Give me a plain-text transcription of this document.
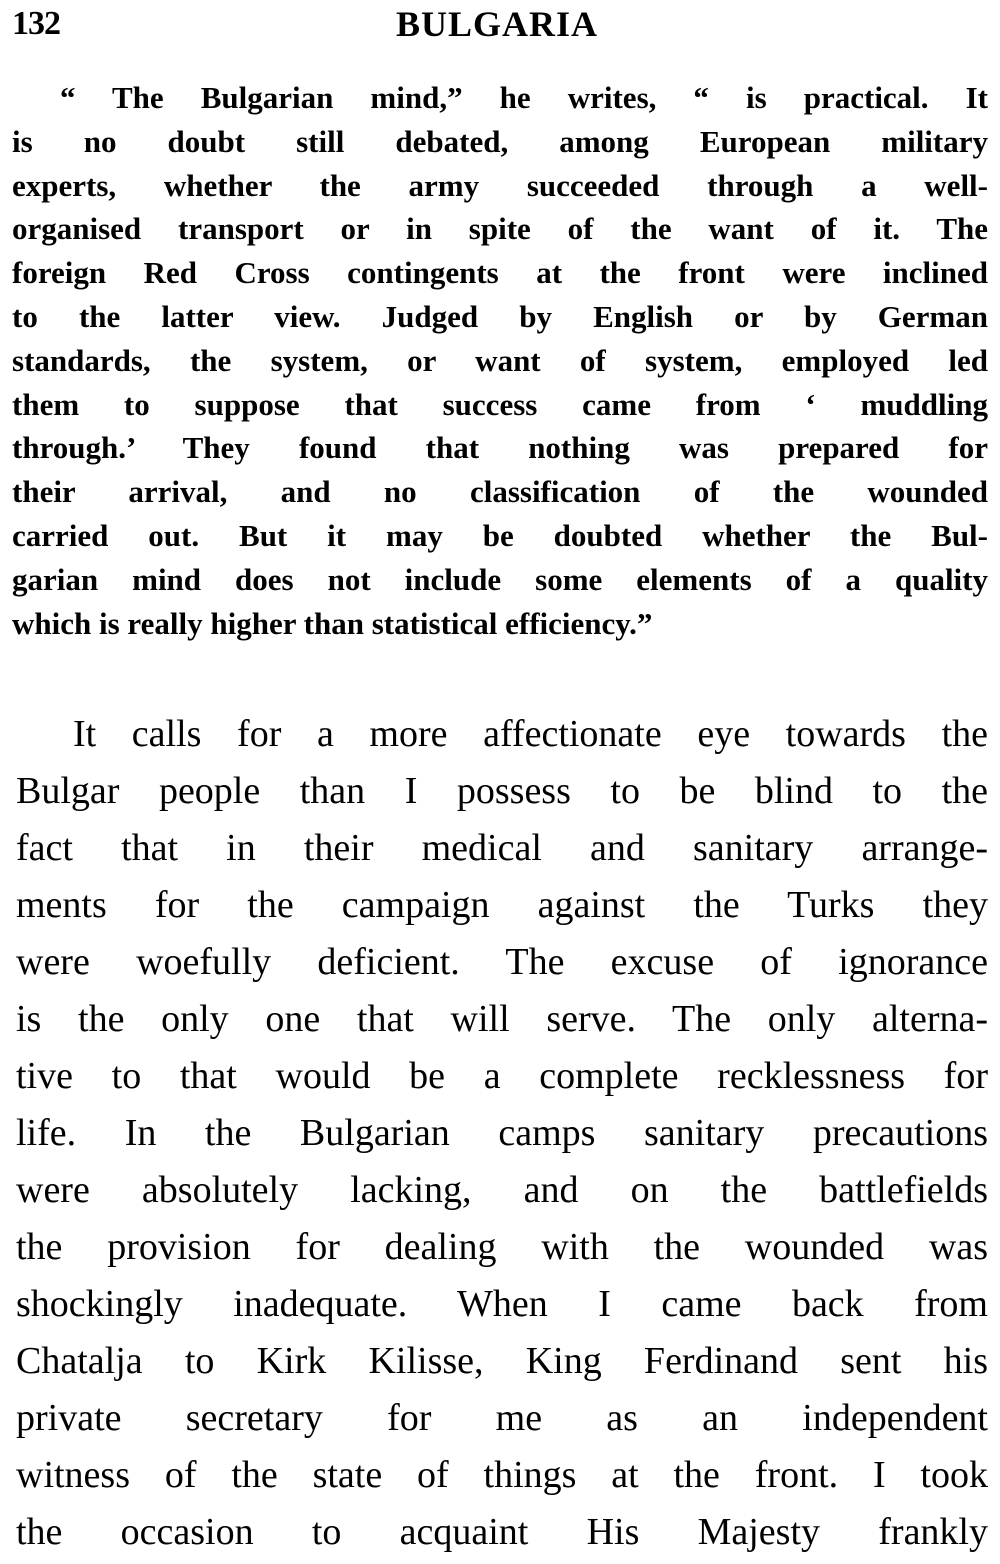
132	BULGARIA
“ The Bulgarian mind,” he writes, “ is practical. It
is no doubt still debated, among European military
experts, whether the army succeeded through a well-
organised transport or in spite of the want of it. The
foreign Red Cross contingents at the front were inclined
to the latter view. Judged by English or by German
standards, the system, or want of system, employed led
them to suppose that success came from ‘ muddling
through.’ They found that nothing was prepared for
their arrival, and no classification of the wounded
carried out. But it may be doubted whether the Bul-
garian mind does not include some elements of a quality
which is really higher than statistical efficiency.”
It calls for a more affectionate eye towards the
Bulgar people than I possess to be blind to the
fact that in their medical and sanitary arrange-
ments for the campaign against the Turks they
were woefully deficient. The excuse of ignorance
is the only one that will serve. The only alterna-
tive to that would be a complete recklessness for
life. In the Bulgarian camps sanitary precautions
were absolutely lacking, and on the battlefields
the provision for dealing with the wounded was
shockingly inadequate. When I came back from
Chatalja to Kirk Kilisse, King Ferdinand sent his
private secretary for me as an independent
witness of the state of things at the front. I took
the occasion to acquaint His Majesty frankly
